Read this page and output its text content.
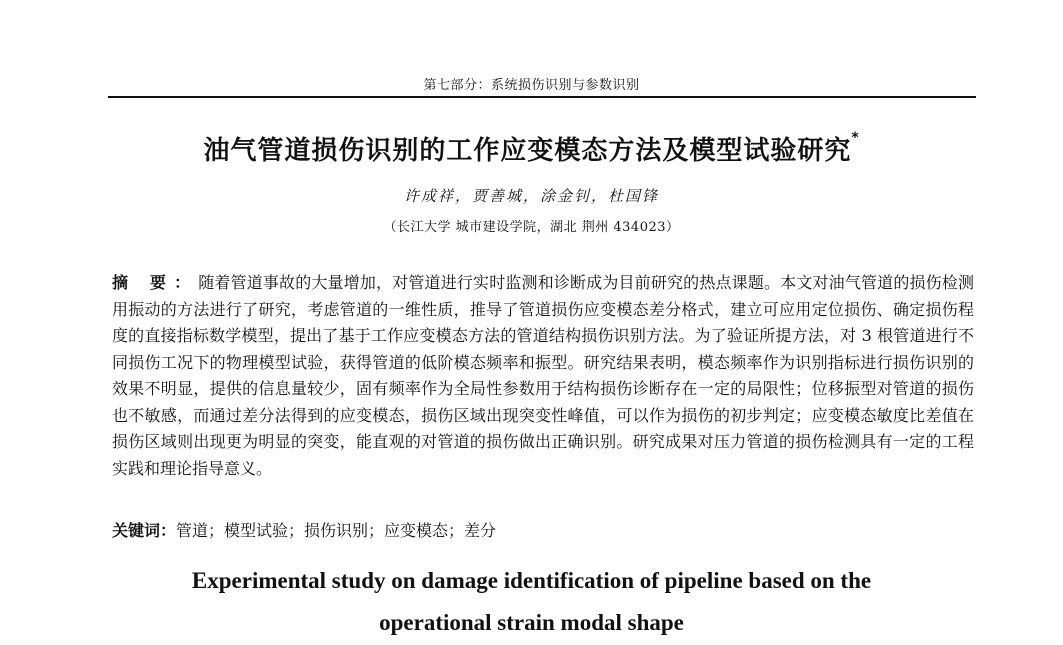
第七部分：系统损伤识别与参数识别
油气管道损伤识别的工作应变模态方法及模型试验研究*
许成祥，贾善城，涂金钊，杜国锋
（长江大学 城市建设学院，湖北 荆州 434023）
摘 要：随着管道事故的大量增加，对管道进行实时监测和诊断成为目前研究的热点课题。本文对油气管道的损伤检测用振动的方法进行了研究，考虑管道的一维性质，推导了管道损伤应变模态差分格式，建立可应用定位损伤、确定损伤程度的直接指标数学模型，提出了基于工作应变模态方法的管道结构损伤识别方法。为了验证所提方法，对 3 根管道进行不同损伤工况下的物理模型试验，获得管道的低阶模态频率和振型。研究结果表明，模态频率作为识别指标进行损伤识别的效果不明显，提供的信息量较少，固有频率作为全局性参数用于结构损伤诊断存在一定的局限性；位移振型对管道的损伤也不敏感，而通过差分法得到的应变模态，损伤区域出现突变性峰值，可以作为损伤的初步判定；应变模态敏度比差值在损伤区域则出现更为明显的突变，能直观的对管道的损伤做出正确识别。研究成果对压力管道的损伤检测具有一定的工程实践和理论指导意义。
关键词：管道；模型试验；损伤识别；应变模态；差分
Experimental study on damage identification of pipeline based on the
operational strain modal shape
